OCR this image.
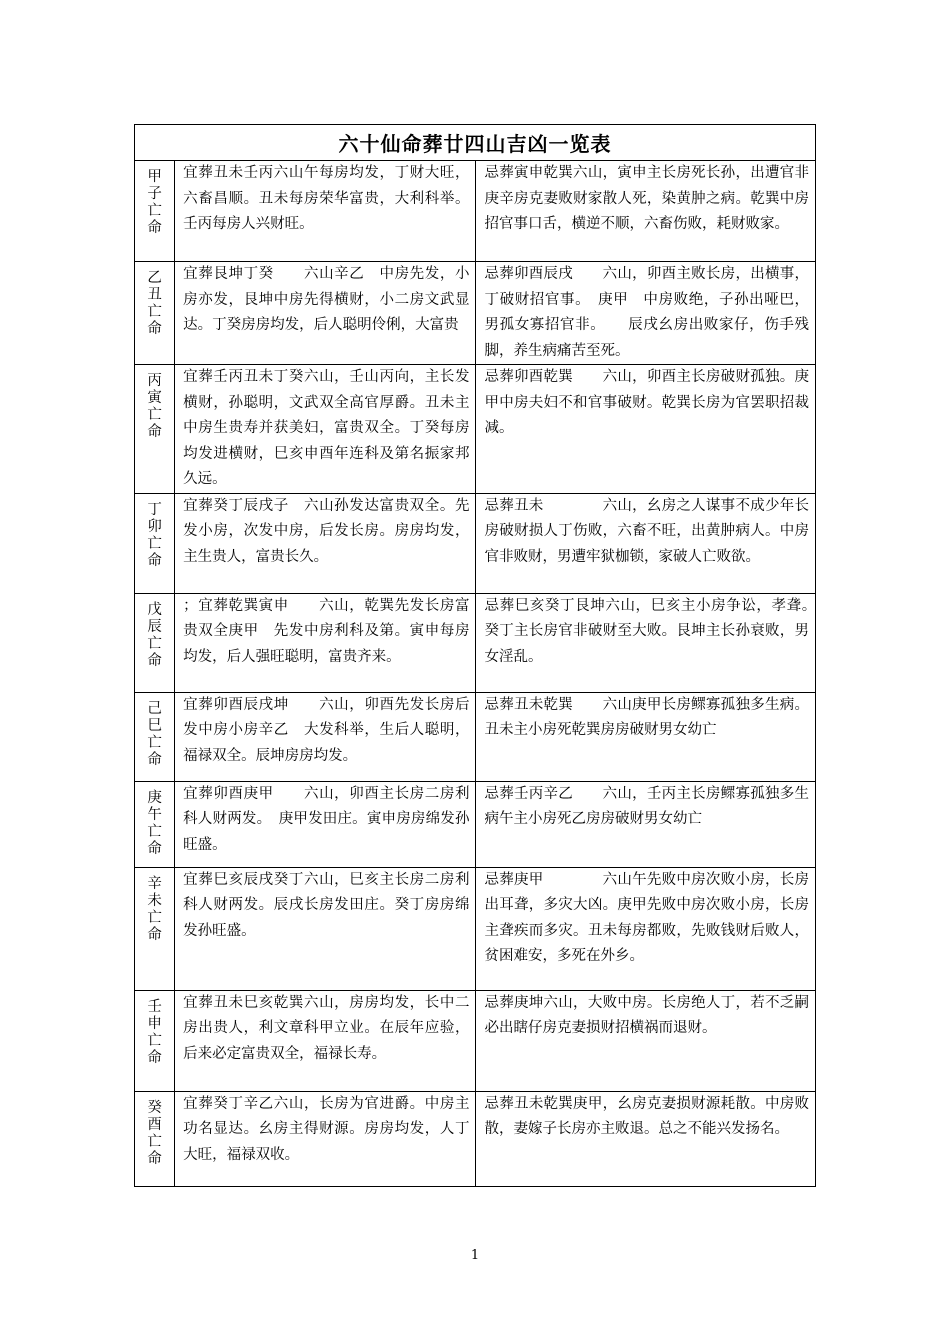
六十仙命葬廿四山吉凶一览表		

甲
子
亡
命	宜葬丑未壬丙六山午每房均发，丁财大旺，六畜昌顺。丑未每房荣华富贵，大利科举。壬丙每房人兴财旺。	忌葬寅申乾巽六山，寅申主长房死长孙，出遭官非庚辛房克妻败财家散人死，染黄肿之病。乾巽中房招官事口舌，横逆不顺，六畜伤败，耗财败家。

乙
丑
亡
命	宜葬艮坤丁癸　　六山辛乙　中房先发，小房亦发，艮坤中房先得横财，小二房文武显达。丁癸房房均发，后人聪明伶俐，大富贵	忌葬卯酉辰戌　　六山，卯酉主败长房，出横事，丁破财招官事。　庚甲　中房败绝，子孙出哑巴，男孤女寡招官非。　　辰戌幺房出败家仔，伤手残脚，养生病痛苦至死。

丙
寅
亡
命	宜葬壬丙丑未丁癸六山，壬山丙向，主长发横财，孙聪明，文武双全高官厚爵。丑未主中房生贵寿并获美妇，富贵双全。丁癸每房均发进横财，巳亥申酉年连科及第名振家邦久远。	忌葬卯酉乾巽　　六山，卯酉主长房破财孤独。庚甲中房夫妇不和官事破财。乾巽长房为官罢职招裁减。

丁
卯
亡
命	宜葬癸丁辰戌子　六山孙发达富贵双全。先发小房，次发中房，后发长房。房房均发，主生贵人，富贵长久。	忌葬丑未　　　　六山，幺房之人谋事不成少年长房破财损人丁伤败，六畜不旺，出黄肿病人。中房官非败财，男遭牢狱枷锁，家破人亡败欲。

戊
辰
亡
命	；宜葬乾巽寅申　　六山，乾巽先发长房富贵双全庚甲　先发中房利科及第。寅申每房均发，后人强旺聪明，富贵齐来。	忌葬巳亥癸丁艮坤六山，巳亥主小房争讼，孝聋。　　癸丁主长房官非破财至大败。艮坤主长孙衰败，男女淫乱。

己
巳
亡
命	宜葬卯酉辰戌坤　　六山，卯酉先发长房后发中房小房辛乙　大发科举，生后人聪明，福禄双全。辰坤房房均发。	忌葬丑未乾巽　　六山庚甲长房鳏寡孤独多生病。丑未主小房死乾巽房房破财男女幼亡

庚
午
亡
命	宜葬卯酉庚甲　　六山，卯酉主长房二房利科人财两发。　庚甲发田庄。寅申房房绵发孙旺盛。	忌葬壬丙辛乙　　六山，壬丙主长房鳏寡孤独多生病午主小房死乙房房破财男女幼亡

辛
未
亡
命	宜葬巳亥辰戌癸丁六山，巳亥主长房二房利科人财两发。辰戌长房发田庄。癸丁房房绵发孙旺盛。	忌葬庚甲　　　　六山午先败中房次败小房，长房出耳聋，多灾大凶。庚甲先败中房次败小房，长房主聋疾而多灾。丑未每房都败，先败钱财后败人，贫困难安，多死在外乡。

壬
申
亡
命	宜葬丑未巳亥乾巽六山，房房均发，长中二房出贵人，利文章科甲立业。在辰年应验，后来必定富贵双全，福禄长寿。	忌葬庚坤六山，大败中房。长房绝人丁，若不乏嗣必出瞎仔房克妻损财招横祸而退财。

癸
酉
亡
命	宜葬癸丁辛乙六山，长房为官进爵。中房主功名显达。幺房主得财源。房房均发，人丁大旺，福禄双收。	忌葬丑未乾巽庚甲，幺房克妻损财源耗散。中房败散，妻嫁子长房亦主败退。总之不能兴发扬名。
1
